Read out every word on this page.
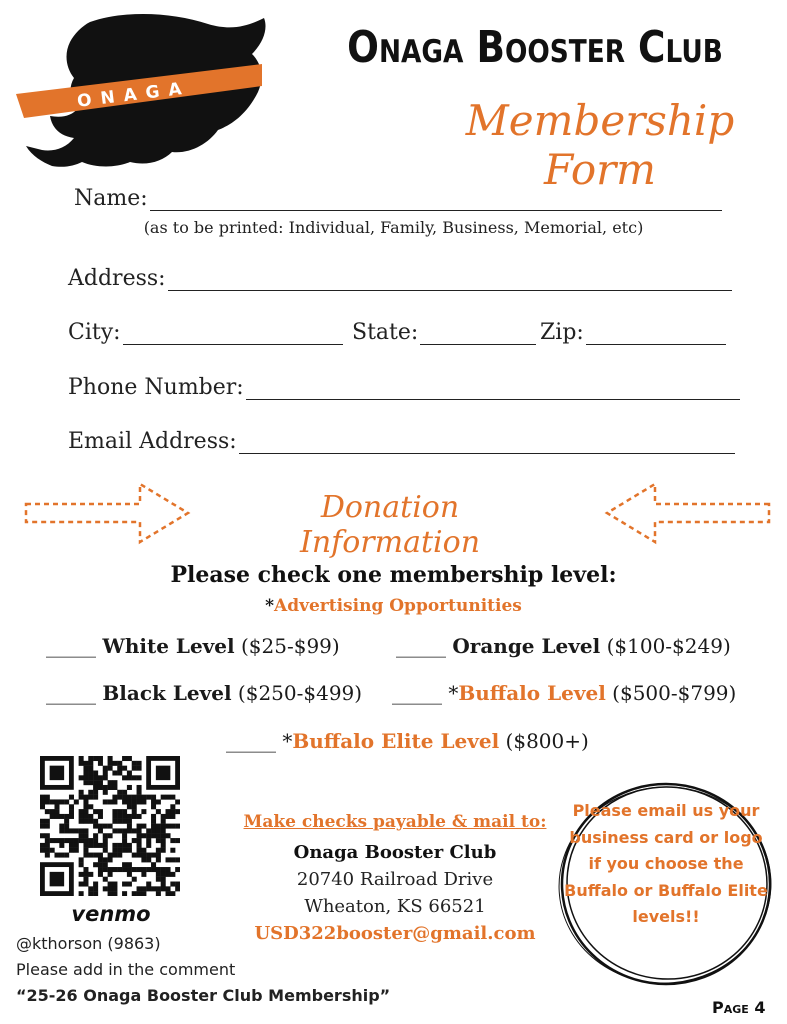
ONAGA
Onaga Booster Club
Membership Form
Name:
(as to be printed: Individual, Family, Business, Memorial, etc)
Address:
City:	State:	Zip:
Phone Number:
Email Address:
Donation Information
Please check one membership level:
*Advertising Opportunities
_____ White Level ($25-$99)	_____ Orange Level ($100-$249)
_____ Black Level ($250-$499) _____ *Buffalo Level ($500-$799)
_____ *Buffalo Elite Level ($800+)
venmo
@kthorson (9863)
Please add in the comment
“25-26 Onaga Booster Club Membership”
Make checks payable & mail to:
Onaga Booster Club
20740 Railroad Drive
Wheaton, KS 66521
USD322booster@gmail.com
Please email us your business card or logo if you choose the Buffalo or Buffalo Elite levels!!
Page 4
